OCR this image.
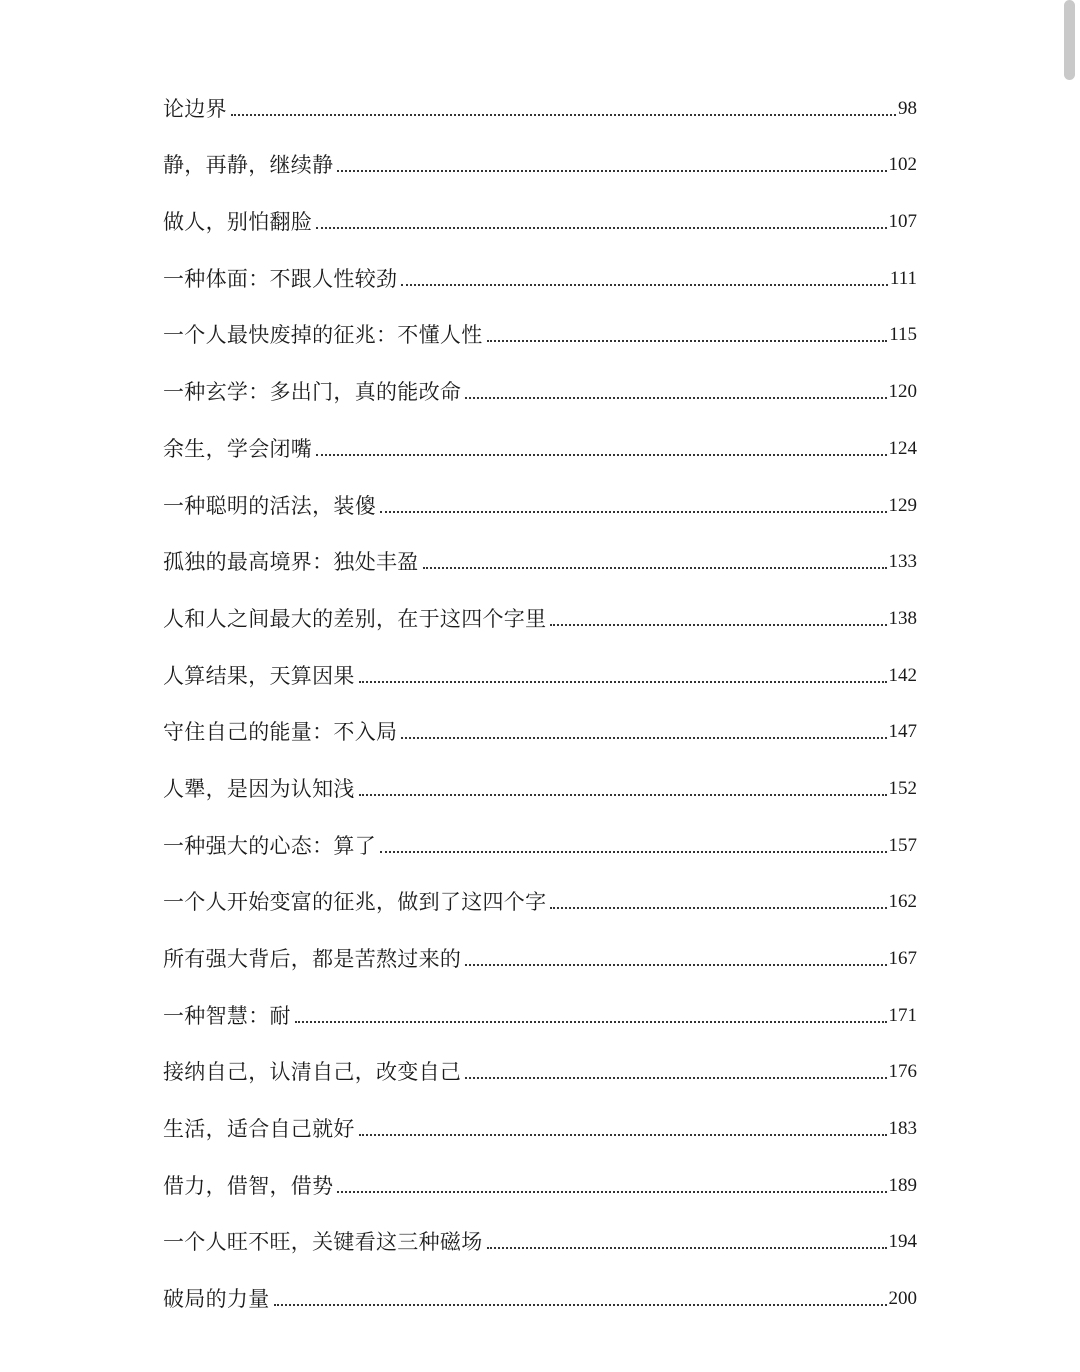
论边界	98
静，再静，继续静	102
做人，别怕翻脸	107
一种体面：不跟人性较劲	111
一个人最快废掉的征兆：不懂人性	115
一种玄学：多出门，真的能改命	120
余生，学会闭嘴	124
一种聪明的活法，装傻	129
孤独的最高境界：独处丰盈	133
人和人之间最大的差别，在于这四个字里	138
人算结果，天算因果	142
守住自己的能量：不入局	147
人犟，是因为认知浅	152
一种强大的心态：算了	157
一个人开始变富的征兆，做到了这四个字	162
所有强大背后，都是苦熬过来的	167
一种智慧：耐	171
接纳自己，认清自己，改变自己	176
生活，适合自己就好	183
借力，借智，借势	189
一个人旺不旺，关键看这三种磁场	194
破局的力量	200
